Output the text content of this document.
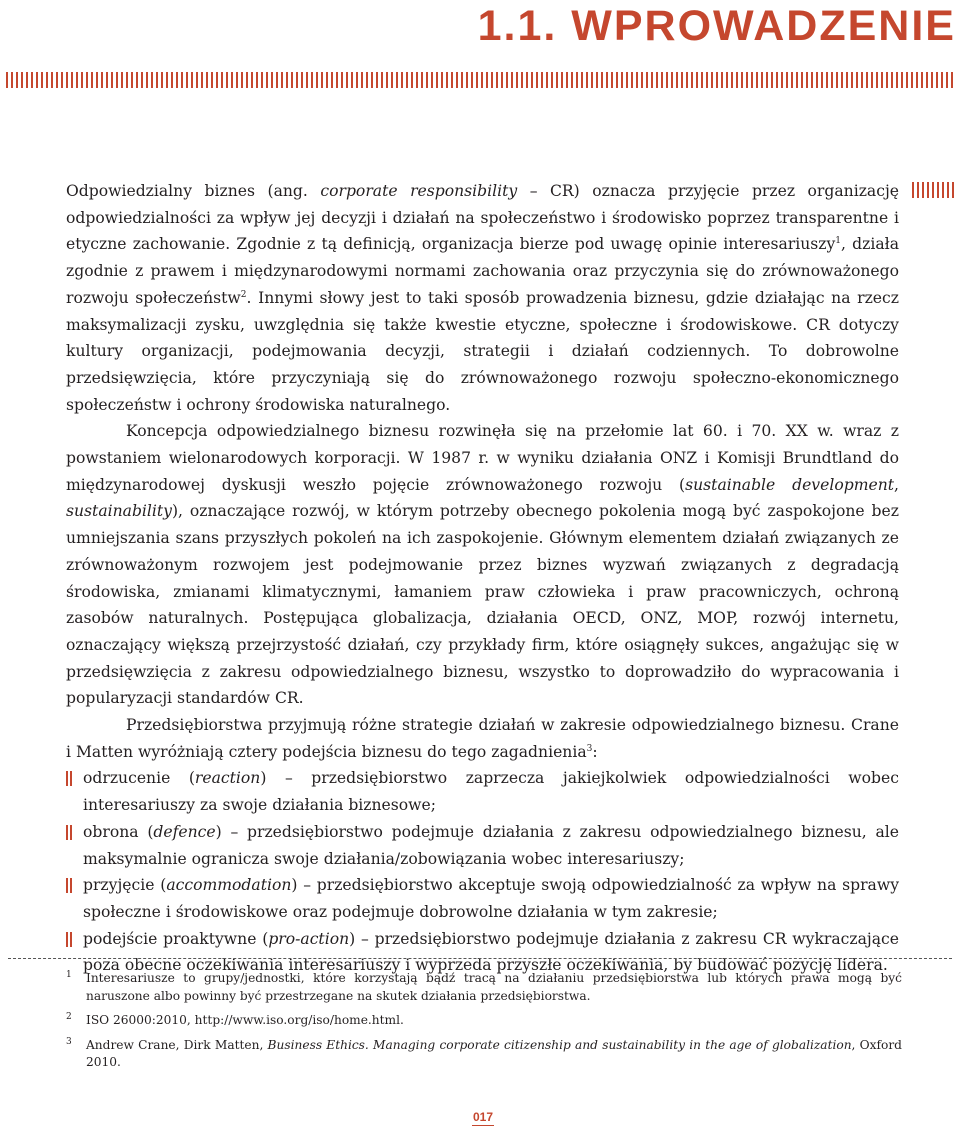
1.1. WPROWADZENIE

Odpowiedzialny biznes (ang. corporate responsibility – CR) oznacza przyjęcie przez organizację odpowiedzialności za wpływ jej decyzji i działań na społeczeństwo i środowisko poprzez transparentne i etyczne zachowanie. Zgodnie z tą definicją, organizacja bierze pod uwagę opinie interesariuszy$^1$, działa zgodnie z prawem i międzynarodowymi normami zachowania oraz przyczynia się do zrównoważonego rozwoju społeczeństw$^2$. Innymi słowy jest to taki sposób prowadzenia biznesu, gdzie działając na rzecz maksymalizacji zysku, uwzględnia się także kwestie etyczne, społeczne i środowiskowe. CR dotyczy kultury organizacji, podejmowania decyzji, strategii i działań codziennych. To dobrowolne przedsięwzięcia, które przyczyniają się do zrównoważonego rozwoju społeczno-ekonomicznego społeczeństw i ochrony środowiska naturalnego.

Koncepcja odpowiedzialnego biznesu rozwinęła się na przełomie lat 60. i 70. XX w. wraz z powstaniem wielonarodowych korporacji. W 1987 r. w wyniku działania ONZ i Komisji Brundtland do międzynarodowej dyskusji weszło pojęcie zrównoważonego rozwoju (sustainable development, sustainability), oznaczające rozwój, w którym potrzeby obecnego pokolenia mogą być zaspokojone bez umniejszania szans przyszłych pokoleń na ich zaspokojenie. Głównym elementem działań związanych ze zrównoważonym rozwojem jest podejmowanie przez biznes wyzwań związanych z degradacją środowiska, zmianami klimatycznymi, łamaniem praw człowieka i praw pracowniczych, ochroną zasobów naturalnych. Postępująca globalizacja, działania OECD, ONZ, MOP, rozwój internetu, oznaczający większą przejrzystość działań, czy przykłady firm, które osiągnęły sukces, angażując się w przedsięwzięcia z zakresu odpowiedzialnego biznesu, wszystko to doprowadziło do wypracowania i popularyzacji standardów CR.

Przedsiębiorstwa przyjmują różne strategie działań w zakresie odpowiedzialnego biznesu. Crane i Matten wyróżniają cztery podejścia biznesu do tego zagadnienia$^3$:

odrzucenie (reaction) – przedsiębiorstwo zaprzecza jakiejkolwiek odpowiedzialności wobec interesariuszy za swoje działania biznesowe;
obrona (defence) – przedsiębiorstwo podejmuje działania z zakresu odpowiedzialnego biznesu, ale maksymalnie ogranicza swoje działania/zobowiązania wobec interesariuszy;
przyjęcie (accommodation) – przedsiębiorstwo akceptuje swoją odpowiedzialność za wpływ na sprawy społeczne i środowiskowe oraz podejmuje dobrowolne działania w tym zakresie;
podejście proaktywne (pro-action) – przedsiębiorstwo podejmuje działania z zakresu CR wykraczające poza obecne oczekiwania interesariuszy i wyprzeda przyszłe oczekiwania, by budować pozycję lidera.
1 Interesariusze to grupy/jednostki, które korzystają bądź tracą na działaniu przedsiębiorstwa lub których prawa mogą być naruszone albo powinny być przestrzegane na skutek działania przedsiębiorstwa.
2 ISO 26000:2010, http://www.iso.org/iso/home.html.
3 Andrew Crane, Dirk Matten, Business Ethics. Managing corporate citizenship and sustainability in the age of globalization, Oxford 2010.
017
